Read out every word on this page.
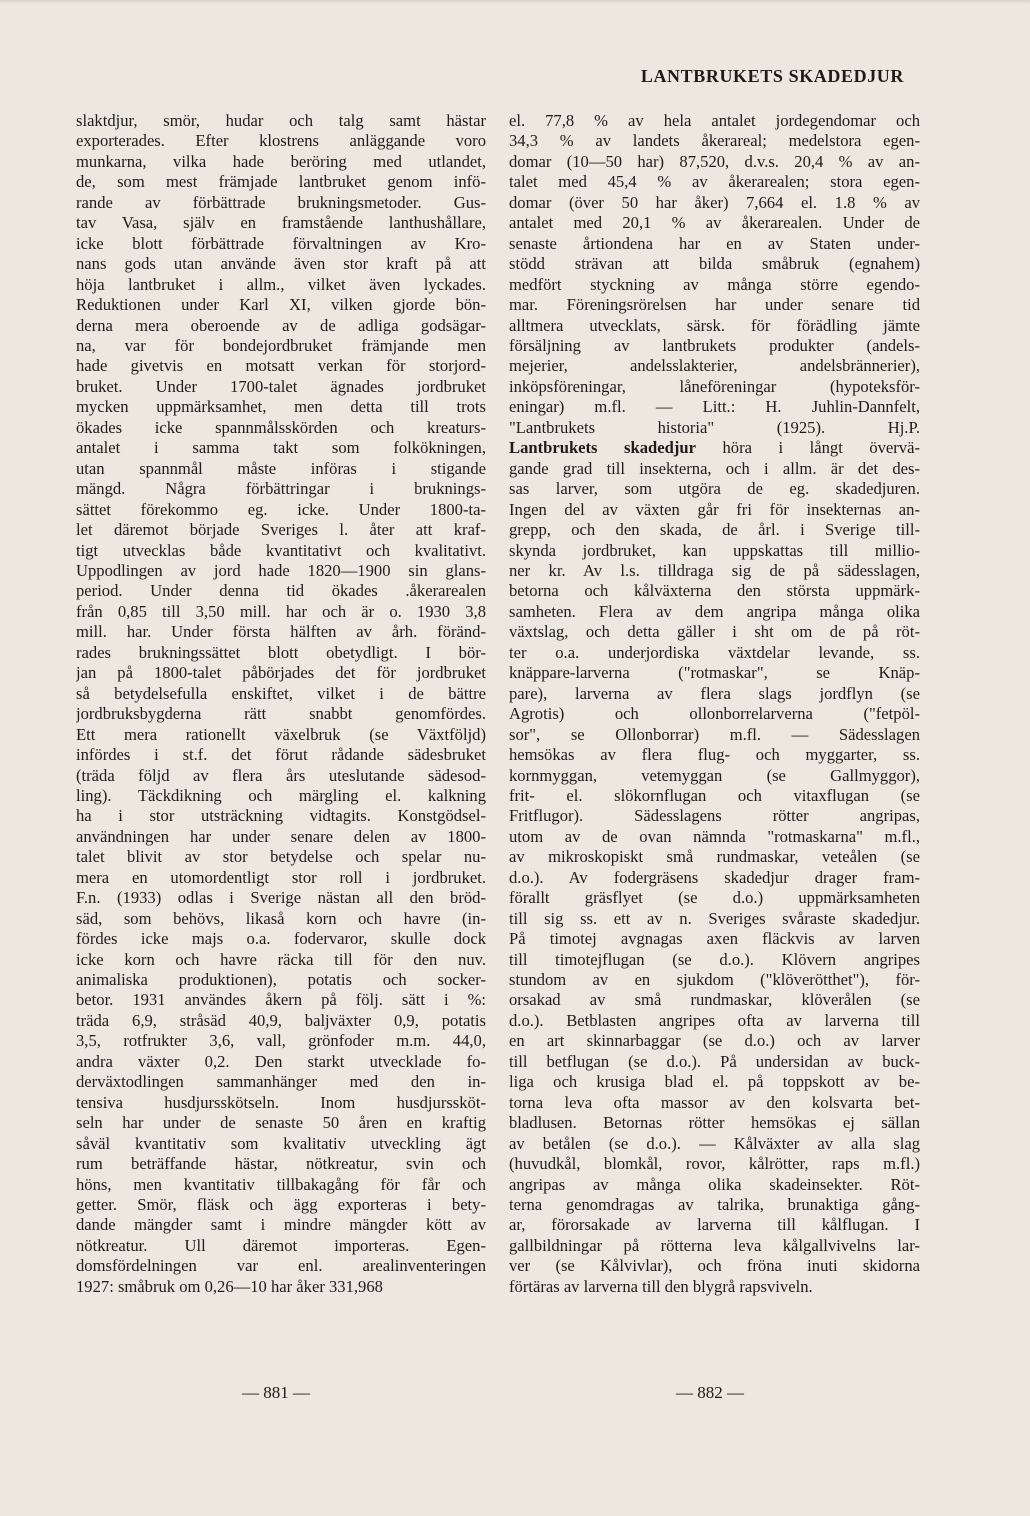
LANTBRUKETS SKADEDJUR

slaktdjur, smör, hudar och talg samt hästar

exporterades. Efter klostrens anläggande voro

munkarna, vilka hade beröring med utlandet,

de, som mest främjade lantbruket genom infö-

rande av förbättrade brukningsmetoder. Gus-

tav Vasa, själv en framstående lanthushållare,

icke blott förbättrade förvaltningen av Kro-

nans gods utan använde även stor kraft på att

höja lantbruket i allm., vilket även lyckades.

Reduktionen under Karl XI, vilken gjorde bön-

derna mera oberoende av de adliga godsägar-

na, var för bondejordbruket främjande men

hade givetvis en motsatt verkan för storjord-

bruket. Under 1700-talet ägnades jordbruket

mycken uppmärksamhet, men detta till trots

ökades icke spannmålsskörden och kreaturs-

antalet i samma takt som folkökningen,

utan spannmål måste införas i stigande

mängd. Några förbättringar i bruknings-

sättet förekommo eg. icke. Under 1800-ta-

let däremot började Sveriges l. åter att kraf-

tigt utvecklas både kvantitativt och kvalitativt.

Uppodlingen av jord hade 1820—1900 sin glans-

period. Under denna tid ökades .åkerarealen

från 0,85 till 3,50 mill. har och är o. 1930 3,8

mill. har. Under första hälften av årh. föränd-

rades brukningssättet blott obetydligt. I bör-

jan på 1800-talet påbörjades det för jordbruket

så betydelsefulla enskiftet, vilket i de bättre

jordbruksbygderna rätt snabbt genomfördes.

Ett mera rationellt växelbruk (se Växtföljd)

infördes i st.f. det förut rådande sädesbruket

(träda följd av flera års uteslutande sädesod-

ling). Täckdikning och märgling el. kalkning

ha i stor utsträckning vidtagits. Konstgödsel-

användningen har under senare delen av 1800-

talet blivit av stor betydelse och spelar nu-

mera en utomordentligt stor roll i jordbruket.

F.n. (1933) odlas i Sverige nästan all den bröd-

säd, som behövs, likaså korn och havre (in-

fördes icke majs o.a. fodervaror, skulle dock

icke korn och havre räcka till för den nuv.

animaliska produktionen), potatis och socker-

betor. 1931 användes åkern på följ. sätt i %:

träda 6,9, stråsäd 40,9, baljväxter 0,9, potatis

3,5, rotfrukter 3,6, vall, grönfoder m.m. 44,0,

andra växter 0,2. Den starkt utvecklade fo-

derväxtodlingen sammanhänger med den in-

tensiva husdjursskötseln. Inom husdjurssköt-

seln har under de senaste 50 åren en kraftig

såväl kvantitativ som kvalitativ utveckling ägt

rum beträffande hästar, nötkreatur, svin och

höns, men kvantitativ tillbakagång för får och

getter. Smör, fläsk och ägg exporteras i bety-

dande mängder samt i mindre mängder kött av

nötkreatur. Ull däremot importeras. Egen-

domsfördelningen var enl. arealinventeringen

1927: småbruk om 0,26—10 har åker 331,968

el. 77,8 % av hela antalet jordegendomar och

34,3 % av landets åkerareal; medelstora egen-

domar (10—50 har) 87,520, d.v.s. 20,4 % av an-

talet med 45,4 % av åkerarealen; stora egen-

domar (över 50 har åker) 7,664 el. 1.8 % av

antalet med 20,1 % av åkerarealen. Under de

senaste årtiondena har en av Staten under-

stödd strävan att bilda småbruk (egnahem)

medfört styckning av många större egendo-

mar. Föreningsrörelsen har under senare tid

alltmera utvecklats, särsk. för förädling jämte

försäljning av lantbrukets produkter (andels-

mejerier, andelsslakterier, andelsbrännerier),

inköpsföreningar, låneföreningar (hypoteksför-

eningar) m.fl. — Litt.: H. Juhlin-Dannfelt,

"Lantbrukets historia" (1925). Hj.P.

Lantbrukets skadedjur höra i långt övervä-

gande grad till insekterna, och i allm. är det des-

sas larver, som utgöra de eg. skadedjuren.

Ingen del av växten går fri för insekternas an-

grepp, och den skada, de årl. i Sverige till-

skynda jordbruket, kan uppskattas till millio-

ner kr. Av l.s. tilldraga sig de på sädesslagen,

betorna och kålväxterna den största uppmärk-

samheten. Flera av dem angripa många olika

växtslag, och detta gäller i sht om de på röt-

ter o.a. underjordiska växtdelar levande, ss.

knäppare-larverna ("rotmaskar", se Knäp-

pare), larverna av flera slags jordflyn (se

Agrotis) och ollonborrelarverna ("fetpöl-

sor", se Ollonborrar) m.fl. — Sädesslagen

hemsökas av flera flug- och myggarter, ss.

kornmyggan, vetemyggan (se Gallmyggor),

frit- el. slökornflugan och vitaxflugan (se

Fritflugor). Sädesslagens rötter angripas,

utom av de ovan nämnda "rotmaskarna" m.fl.,

av mikroskopiskt små rundmaskar, veteålen (se

d.o.). Av fodergräsens skadedjur drager fram-

förallt gräsflyet (se d.o.) uppmärksamheten

till sig ss. ett av n. Sveriges svåraste skadedjur.

På timotej avgnagas axen fläckvis av larven

till timotejflugan (se d.o.). Klövern angripes

stundom av en sjukdom ("klöverötthet"), för-

orsakad av små rundmaskar, klöverålen (se

d.o.). Betblasten angripes ofta av larverna till

en art skinnarbaggar (se d.o.) och av larver

till betflugan (se d.o.). På undersidan av buck-

liga och krusiga blad el. på toppskott av be-

torna leva ofta massor av den kolsvarta bet-

bladlusen. Betornas rötter hemsökas ej sällan

av betålen (se d.o.). — Kålväxter av alla slag

(huvudkål, blomkål, rovor, kålrötter, raps m.fl.)

angripas av många olika skadeinsekter. Röt-

terna genomdragas av talrika, brunaktiga gång-

ar, förorsakade av larverna till kålflugan. I

gallbildningar på rötterna leva kålgallvivelns lar-

ver (se Kålvivlar), och fröna inuti skidorna

förtäras av larverna till den blygrå rapsviveln.

— 881 —	— 882 —
